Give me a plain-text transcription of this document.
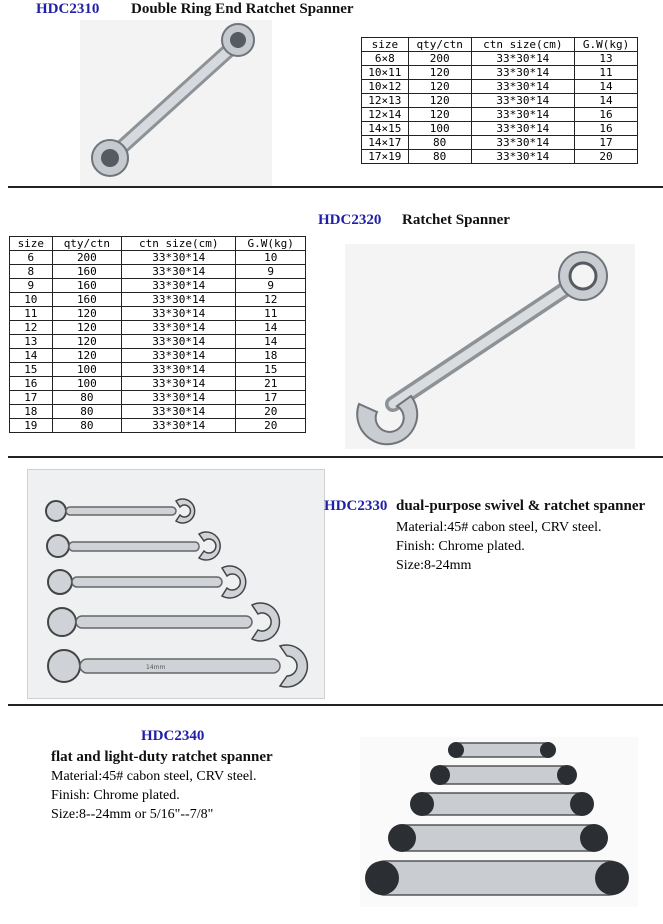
HDC2310 Double Ring End Ratchet Spanner
size	qty/ctn	ctn size(cm)	G.W(kg)
6×8	200	33*30*14	13
10×11	120	33*30*14	11
10×12	120	33*30*14	14
12×13	120	33*30*14	14
12×14	120	33*30*14	16
14×15	100	33*30*14	16
14×17	80	33*30*14	17
17×19	80	33*30*14	20
HDC2320 Ratchet Spanner
size	qty/ctn	ctn size(cm)	G.W(kg)
6	200	33*30*14	10
8	160	33*30*14	9
9	160	33*30*14	9
10	160	33*30*14	12
11	120	33*30*14	11
12	120	33*30*14	14
13	120	33*30*14	14
14	120	33*30*14	18
15	100	33*30*14	15
16	100	33*30*14	21
17	80	33*30*14	17
18	80	33*30*14	20
19	80	33*30*14	20
14mm
HDC2330 dual-purpose swivel & ratchet spanner
Material:45# cabon steel, CRV steel.
Finish: Chrome plated.
Size:8-24mm
HDC2340
flat and light-duty ratchet spanner
Material:45# cabon steel, CRV steel.
Finish: Chrome plated.
Size:8--24mm or 5/16"--7/8"
